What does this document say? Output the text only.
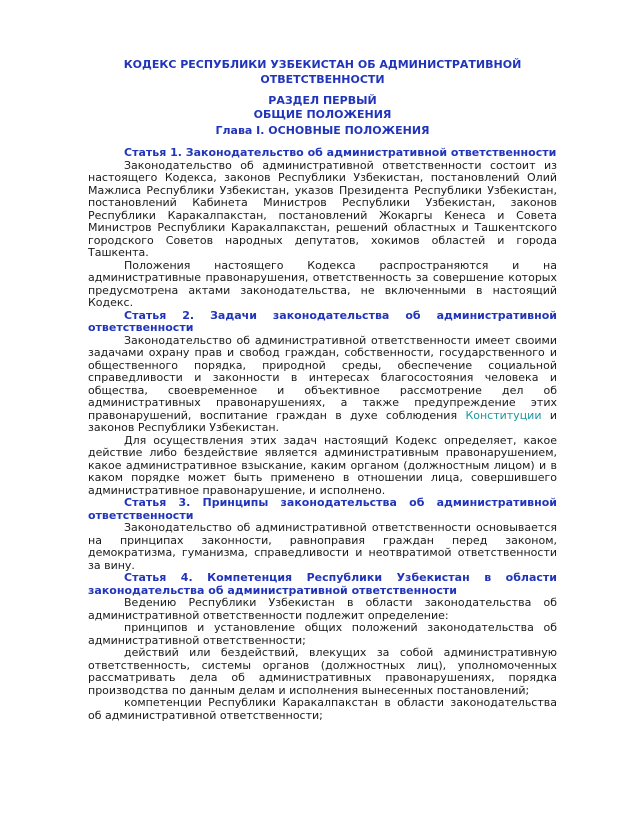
КОДЕКС РЕСПУБЛИКИ УЗБЕКИСТАН ОБ АДМИНИСТРАТИВНОЙ ОТВЕТСТВЕННОСТИ
РАЗДЕЛ ПЕРВЫЙ
ОБЩИЕ ПОЛОЖЕНИЯ
Глава I. ОСНОВНЫЕ ПОЛОЖЕНИЯ

Статья 1. Законодательство об административной ответственности

Законодательство об административной ответственности состоит из настоящего Кодекса, законов Республики Узбекистан, постановлений Олий Мажлиса Республики Узбекистан, указов Президента Республики Узбекистан, постановлений Кабинета Министров Республики Узбекистан, законов Республики Каракалпакстан, постановлений Жокаргы Кенеса и Совета Министров Республики Каракалпакстан, решений областных и Ташкентского городского Советов народных депутатов, хокимов областей и города Ташкента.

Положения настоящего Кодекса распространяются и на административные правонарушения, ответственность за совершение которых предусмотрена актами законодательства, не включенными в настоящий Кодекс.

Статья 2. Задачи законодательства об административной ответственности

Законодательство об административной ответственности имеет своими задачами охрану прав и свобод граждан, собственности, государственного и общественного порядка, природной среды, обеспечение социальной справедливости и законности в интересах благосостояния человека и общества, своевременное и объективное рассмотрение дел об административных правонарушениях, а также предупреждение этих правонарушений, воспитание граждан в духе соблюдения Конституции и законов Республики Узбекистан.

Для осуществления этих задач настоящий Кодекс определяет, какое действие либо бездействие является административным правонарушением, какое административное взыскание, каким органом (должностным лицом) и в каком порядке может быть применено в отношении лица, совершившего административное правонарушение, и исполнено.

Статья 3. Принципы законодательства об административной ответственности

Законодательство об административной ответственности основывается на принципах законности, равноправия граждан перед законом, демократизма, гуманизма, справедливости и неотвратимой ответственности за вину.

Статья 4. Компетенция Республики Узбекистан в области законодательства об административной ответственности

Ведению Республики Узбекистан в области законодательства об административной ответственности подлежит определение:

принципов и установление общих положений законодательства об административной ответственности;

действий или бездействий, влекущих за собой административную ответственность, системы органов (должностных лиц), уполномоченных рассматривать дела об административных правонарушениях, порядка производства по данным делам и исполнения вынесенных постановлений;

компетенции Республики Каракалпакстан в области законодательства об административной ответственности;
